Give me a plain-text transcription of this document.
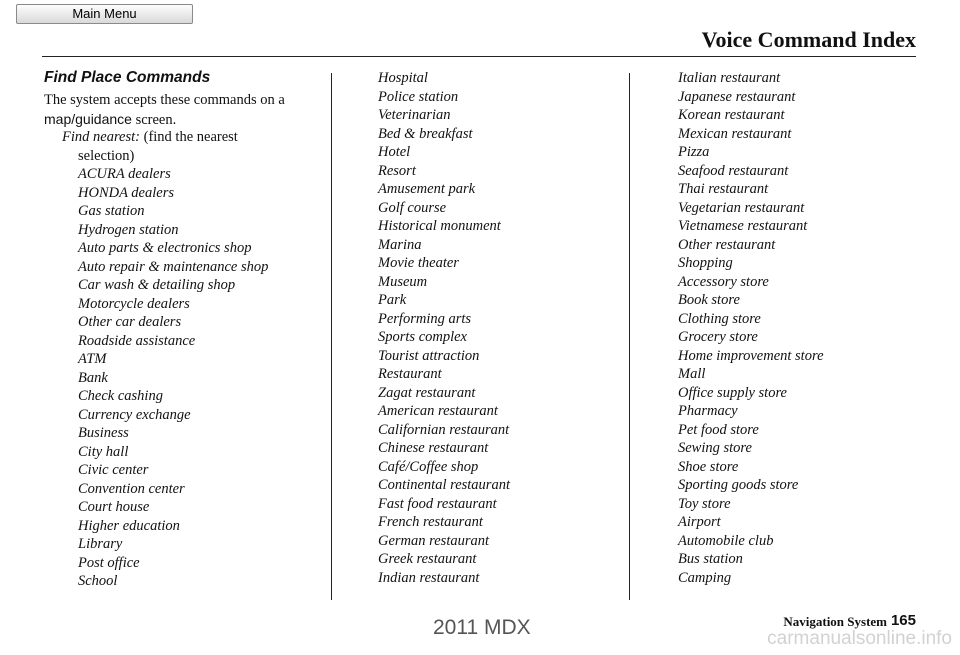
Main Menu
Voice Command Index
Find Place Commands
The system accepts these commands on a map/guidance screen.
Find nearest: (find the nearest
selection)
ACURA dealers
HONDA dealers
Gas station
Hydrogen station
Auto parts & electronics shop
Auto repair & maintenance shop
Car wash & detailing shop
Motorcycle dealers
Other car dealers
Roadside assistance
ATM
Bank
Check cashing
Currency exchange
Business
City hall
Civic center
Convention center
Court house
Higher education
Library
Post office
School
Hospital
Police station
Veterinarian
Bed & breakfast
Hotel
Resort
Amusement park
Golf course
Historical monument
Marina
Movie theater
Museum
Park
Performing arts
Sports complex
Tourist attraction
Restaurant
Zagat restaurant
American restaurant
Californian restaurant
Chinese restaurant
Café/Coffee shop
Continental restaurant
Fast food restaurant
French restaurant
German restaurant
Greek restaurant
Indian restaurant
Italian restaurant
Japanese restaurant
Korean restaurant
Mexican restaurant
Pizza
Seafood restaurant
Thai restaurant
Vegetarian restaurant
Vietnamese restaurant
Other restaurant
Shopping
Accessory store
Book store
Clothing store
Grocery store
Home improvement store
Mall
Office supply store
Pharmacy
Pet food store
Sewing store
Shoe store
Sporting goods store
Toy store
Airport
Automobile club
Bus station
Camping
Navigation System 165
2011 MDX	carmanualsonline.info
